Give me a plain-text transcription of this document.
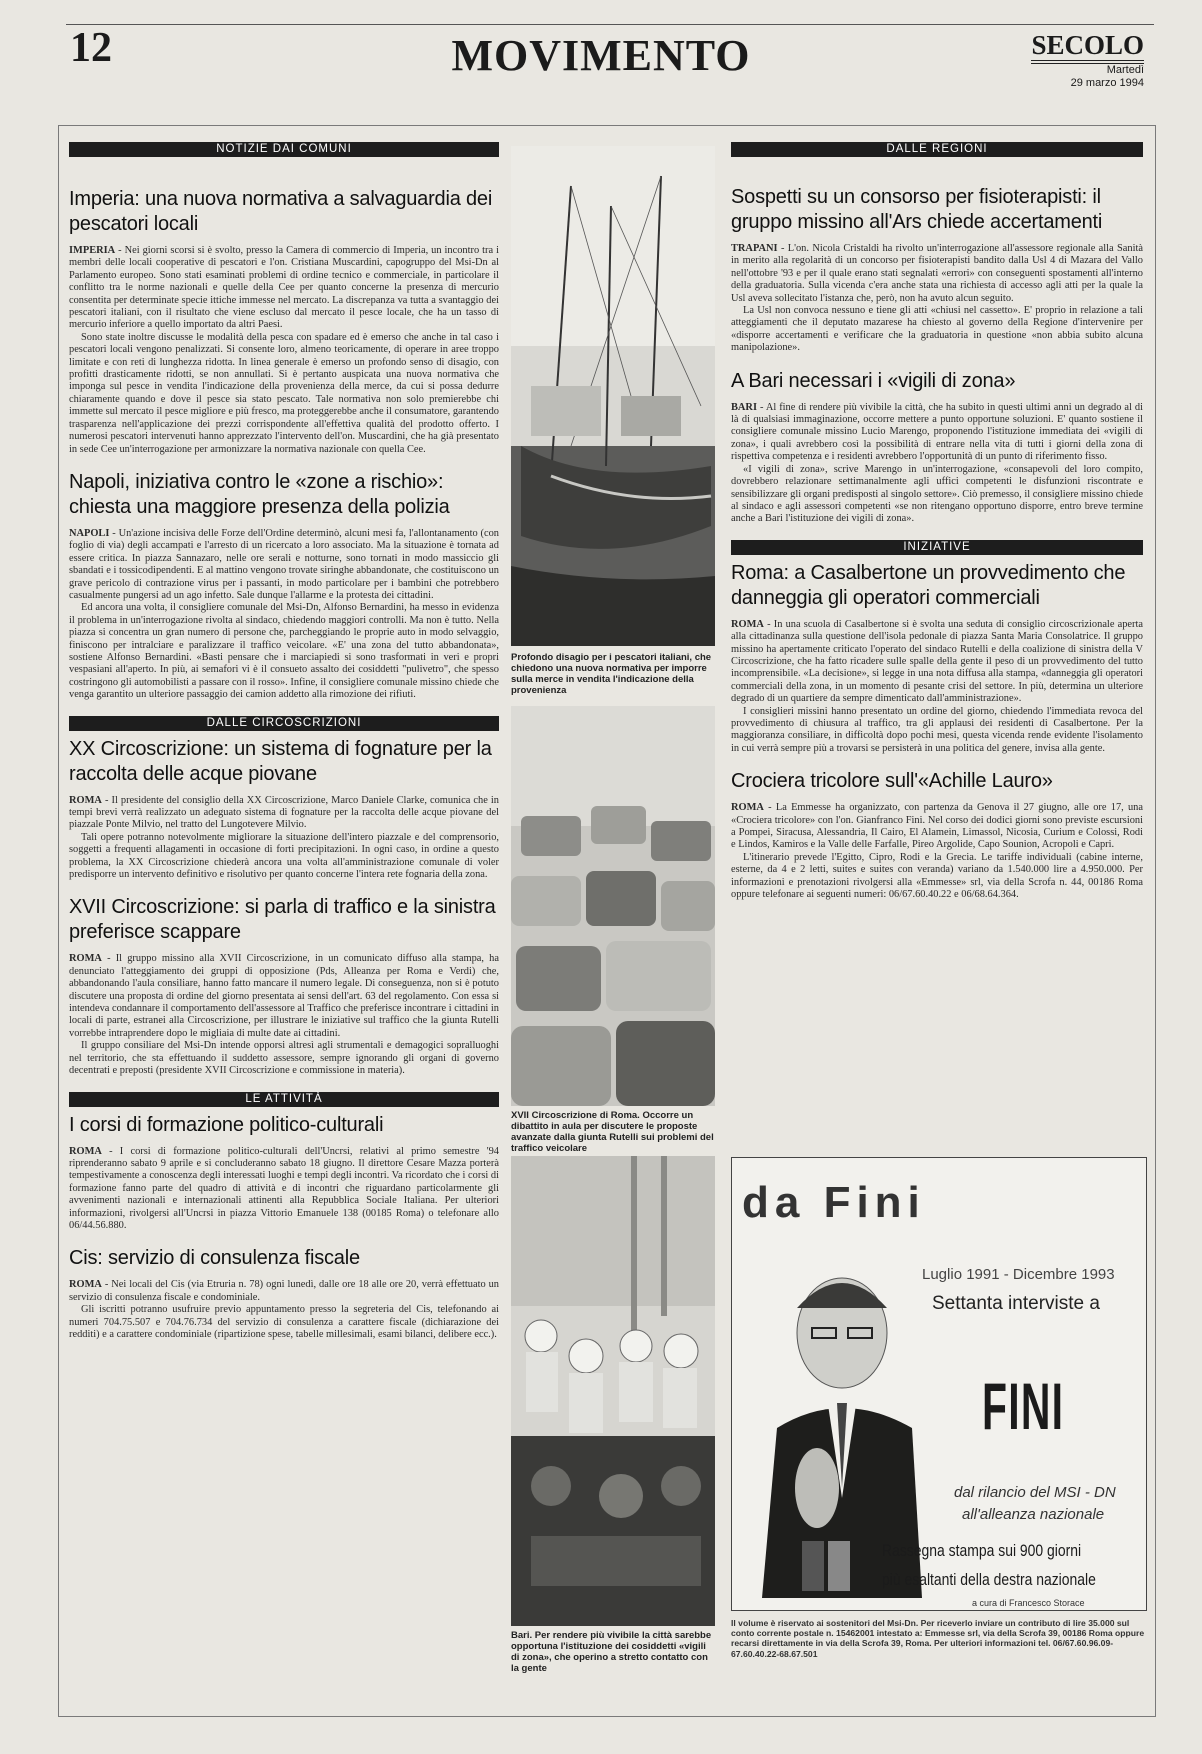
12	MOVIMENTO	SECOLO
Martedì
29 marzo 1994
NOTIZIE DAI COMUNI
Imperia: una nuova normativa a salvaguardia dei pescatori locali

IMPERIA - Nei giorni scorsi si è svolto, presso la Camera di commercio di Imperia, un incontro tra i membri delle locali cooperative di pescatori e l'on. Cristiana Muscardini, capogruppo del Msi-Dn al Parlamento europeo. Sono stati esaminati problemi di ordine tecnico e commerciale, in particolare il conflitto tra le norme nazionali e quelle della Cee per quanto concerne la presenza di mercurio consentita per determinate specie ittiche immesse nel mercato. La discrepanza va tutta a svantaggio dei pescatori italiani, con il risultato che viene escluso dal mercato il pesce locale, che ha un tasso di mercurio inferiore a quello importato da altri Paesi.

Sono state inoltre discusse le modalità della pesca con spadare ed è emerso che anche in tal caso i pescatori locali vengono penalizzati. Si consente loro, almeno teoricamente, di operare in aree troppo limitate e con reti di lunghezza ridotta. In linea generale è emerso un profondo senso di disagio, con profitti drasticamente ridotti, se non annullati. Si è pertanto auspicata una nuova normativa che imponga sul pesce in vendita l'indicazione della provenienza della merce, da cui si possa dedurre chiaramente quando e dove il pesce sia stato pescato. Tale normativa non solo premierebbe chi immette sul mercato il pesce migliore e più fresco, ma proteggerebbe anche il consumatore, garantendo trasparenza nell'applicazione dei prezzi corrispondente all'effettiva qualità del prodotto offerto. I numerosi pescatori intervenuti hanno apprezzato l'intervento dell'on. Muscardini, che ha già presentato in sede Cee un'interrogazione per armonizzare la normativa nazionale con quella Cee.

Napoli, iniziativa contro le «zone a rischio»: chiesta una maggiore presenza della polizia

NAPOLI - Un'azione incisiva delle Forze dell'Ordine determinò, alcuni mesi fa, l'allontanamento (con foglio di via) degli accampati e l'arresto di un ricercato a loro associato. Ma la situazione è tornata ad essere critica. In piazza Sannazaro, nelle ore serali e notturne, sono tornati in modo massiccio gli sbandati e i tossicodipendenti. E al mattino vengono trovate siringhe abbandonate, che costituiscono un grave pericolo di contrazione virus per i passanti, in modo particolare per i bambini che potrebbero casualmente pungersi ad un ago infetto. Sale dunque l'allarme e la protesta dei cittadini.

Ed ancora una volta, il consigliere comunale del Msi-Dn, Alfonso Bernardini, ha messo in evidenza il problema in un'interrogazione rivolta al sindaco, chiedendo maggiori controlli. Ma non è tutto. Nella piazza si concentra un gran numero di persone che, parcheggiando le proprie auto in modo selvaggio, finiscono per intralciare e paralizzare il traffico veicolare. «E' una zona del tutto abbandonata», sostiene Alfonso Bernardini. «Basti pensare che i marciapiedi si sono trasformati in veri e propri vespasiani all'aperto. In più, ai semafori vi è il consueto assalto dei cosiddetti "pulivetro", che spesso costringono gli automobilisti a passare con il rosso». Infine, il consigliere comunale missino chiede che venga garantito un ulteriore passaggio dei camion addetto alla rimozione dei rifiuti.

DALLE CIRCOSCRIZIONI
XX Circoscrizione: un sistema di fognature per la raccolta delle acque piovane

ROMA - Il presidente del consiglio della XX Circoscrizione, Marco Daniele Clarke, comunica che in tempi brevi verrà realizzato un adeguato sistema di fognature per la raccolta delle acque piovane del piazzale Ponte Milvio, nel tratto del Lungotevere Milvio.

Tali opere potranno notevolmente migliorare la situazione dell'intero piazzale e del comprensorio, soggetti a frequenti allagamenti in occasione di forti precipitazioni. In ogni caso, in ordine a questo problema, la XX Circoscrizione chiederà ancora una volta all'amministrazione comunale di voler predisporre un intervento definitivo e risolutivo per quanto concerne l'intera rete fognaria della zona.

XVII Circoscrizione: si parla di traffico e la sinistra preferisce scappare

ROMA - Il gruppo missino alla XVII Circoscrizione, in un comunicato diffuso alla stampa, ha denunciato l'atteggiamento dei gruppi di opposizione (Pds, Alleanza per Roma e Verdi) che, abbandonando l'aula consiliare, hanno fatto mancare il numero legale. Di conseguenza, non si è potuto discutere una proposta di ordine del giorno presentata ai sensi dell'art. 63 del regolamento. Con essa si intendeva condannare il comportamento dell'assessore al Traffico che preferisce incontrare i cittadini in locali di parte, estranei alla Circoscrizione, per illustrare le iniziative sul traffico che la giunta Rutelli vorrebbe intraprendere dopo le migliaia di multe date ai cittadini.

Il gruppo consiliare del Msi-Dn intende opporsi altresì agli strumentali e demagogici sopralluoghi nel territorio, che sta effettuando il suddetto assessore, sempre ignorando gli organi di governo decentrati e preposti (presidente XVII Circoscrizione e commissione in materia).

LE ATTIVITÀ
I corsi di formazione politico-culturali

ROMA - I corsi di formazione politico-culturali dell'Uncrsi, relativi al primo semestre '94 riprenderanno sabato 9 aprile e si concluderanno sabato 18 giugno. Il direttore Cesare Mazza porterà tempestivamente a conoscenza degli interessati luoghi e tempi degli incontri. Va ricordato che i corsi di formazione fanno parte del quadro di attività e di incontri che riguardano particolarmente gli avvenimenti nazionali e internazionali attinenti alla Repubblica Sociale Italiana. Per ulteriori informazioni, rivolgersi all'Uncrsi in piazza Vittorio Emanuele 138 (00185 Roma) o telefonare allo 06/44.56.880.

Cis: servizio di consulenza fiscale

ROMA - Nei locali del Cis (via Etruria n. 78) ogni lunedì, dalle ore 18 alle ore 20, verrà effettuato un servizio di consulenza fiscale e condominiale.

Gli iscritti potranno usufruire previo appuntamento presso la segreteria del Cis, telefonando ai numeri 704.75.507 e 704.76.734 del servizio di consulenza a carattere fiscale (dichiarazione dei redditi) e a carattere condominiale (ripartizione spese, tabelle millesimali, esami bilanci, delibere ecc.).

Profondo disagio per i pescatori italiani, che chiedono una nuova normativa per imporre sulla merce in vendita l'indicazione della provenienza
XVII Circoscrizione di Roma. Occorre un dibattito in aula per discutere le proposte avanzate dalla giunta Rutelli sui problemi del traffico veicolare
Bari. Per rendere più vivibile la città sarebbe opportuna l'istituzione dei cosiddetti «vigili di zona», che operino a stretto contatto con la gente
DALLE REGIONI
Sospetti su un consorso per fisioterapisti: il gruppo missino all'Ars chiede accertamenti

TRAPANI - L'on. Nicola Cristaldi ha rivolto un'interrogazione all'assessore regionale alla Sanità in merito alla regolarità di un concorso per fisioterapisti bandito dalla Usl 4 di Mazara del Vallo nell'ottobre '93 e per il quale erano stati segnalati «errori» con conseguenti spostamenti all'interno della graduatoria. Sulla vicenda c'era anche stata una richiesta di accesso agli atti per la quale la Usl aveva sollecitato l'istanza che, però, non ha avuto alcun seguito.

La Usl non convoca nessuno e tiene gli atti «chiusi nel cassetto». E' proprio in relazione a tali atteggiamenti che il deputato mazarese ha chiesto al governo della Regione d'intervenire per «disporre accertamenti e verificare che la graduatoria in questione «non abbia subito alcuna manipolazione».

A Bari necessari i «vigili di zona»

BARI - Al fine di rendere più vivibile la città, che ha subito in questi ultimi anni un degrado al di là di qualsiasi immaginazione, occorre mettere a punto opportune soluzioni. E' quanto sostiene il consigliere comunale missino Lucio Marengo, proponendo l'istituzione immediata dei «vigili di zona», i quali avrebbero così la possibilità di entrare nella vita di tutti i giorni della zona di rispettiva competenza e i residenti avrebbero l'opportunità di un punto di riferimento fisso.

«I vigili di zona», scrive Marengo in un'interrogazione, «consapevoli del loro compito, dovrebbero relazionare settimanalmente agli uffici competenti le disfunzioni riscontrate e sensibilizzare gli organi predisposti al singolo settore». Ciò premesso, il consigliere missino chiede al sindaco e agli assessori competenti «se non ritengano opportuno disporre, entro breve termine anche a Bari l'istituzione dei vigili di zona».

INIZIATIVE
Roma: a Casalbertone un provvedimento che danneggia gli operatori commerciali

ROMA - In una scuola di Casalbertone si è svolta una seduta di consiglio circoscrizionale aperta alla cittadinanza sulla questione dell'isola pedonale di piazza Santa Maria Consolatrice. Il gruppo missino ha apertamente criticato l'operato del sindaco Rutelli e della coalizione di sinistra della V Circoscrizione, che ha fatto ricadere sulle spalle della gente il peso di un provvedimento del tutto incomprensibile. «La decisione», si legge in una nota diffusa alla stampa, «danneggia gli operatori commerciali della zona, in un momento di pesante crisi del settore. In più, determina un ulteriore degrado di un quartiere da sempre dimenticato dall'amministrazione».

I consiglieri missini hanno presentato un ordine del giorno, chiedendo l'immediata revoca del provvedimento di chiusura al traffico, tra gli applausi dei residenti di Casalbertone. Per la maggioranza consiliare, in difficoltà dopo pochi mesi, questa vicenda rende evidente l'isolamento in cui verrà sempre più a trovarsi se persisterà in una politica del genere, invisa alla gente.

Crociera tricolore sull'«Achille Lauro»

ROMA - La Emmesse ha organizzato, con partenza da Genova il 27 giugno, alle ore 17, una «Crociera tricolore» con l'on. Gianfranco Fini. Nel corso dei dodici giorni sono previste escursioni a Pompei, Siracusa, Alessandria, Il Cairo, El Alamein, Limassol, Nicosia, Curium e Colossi, Rodi e Lindos, Kamiros e la Valle delle Farfalle, Pireo Argolide, Capo Sounion, Acropoli e Capri.

L'itinerario prevede l'Egitto, Cipro, Rodi e la Grecia. Le tariffe individuali (cabine interne, esterne, da 4 e 2 letti, suites e suites con veranda) variano da 1.540.000 lire a 4.950.000. Per informazioni e prenotazioni rivolgersi alla «Emmesse» srl, via della Scrofa n. 44, 00186 Roma oppure telefonare ai seguenti numeri: 06/67.60.40.22 e 06/68.64.364.

da Fini
Luglio 1991 - Dicembre 1993
Settanta interviste a
FINI
dal rilancio del MSI - DN
all'alleanza nazionale
Rassegna stampa sui 900 giorni
più esaltanti della destra nazionale
a cura di Francesco Storace
Il volume è riservato ai sostenitori del Msi-Dn. Per riceverlo inviare un contributo di lire 35.000 sul conto corrente postale n. 15462001 intestato a: Emmesse srl, via della Scrofa 39, 00186 Roma oppure recarsi direttamente in via della Scrofa 39, Roma. Per ulteriori informazioni tel. 06/67.60.96.09-67.60.40.22-68.67.501
